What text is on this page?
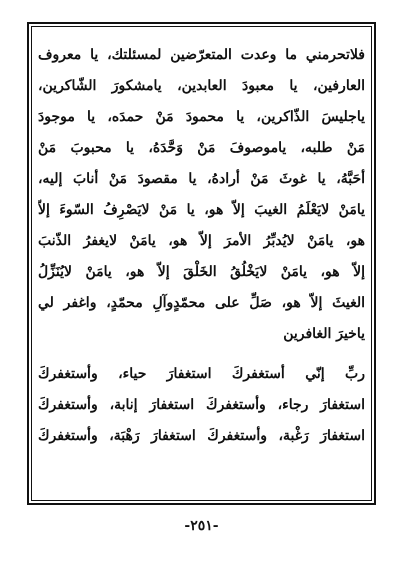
فلاتحرمني ما وعدت المتعرّضين لمسئلتك، يا معروف
العارفين، يا معبودَ العابدين، يامشكورَ الشّاكرين،
ياجليسَ الذّاكرين، يا محمودَ مَنْ حمدَه، يا موجودَ
مَنْ طلبه، ياموصوفَ مَنْ وَحَّدَهُ، يا محبوبَ مَنْ
أحَبَّهُ، يا غوثَ مَنْ أرادهُ، يا مقصودَ مَنْ أنابَ إليه،
يامَنْ لايَعْلَمُ الغيبَ إلاّ هو، يا مَنْ لايَصْرِفُ السّوءَ إلاّ
هو، يامَنْ لايُدبِّرُ الأمرَ إلاّ هو، يامَنْ لايغفرُ الذّنبَ
إلاّ هو، يامَنْ لايَخْلُقُ الخَلْقَ إلاّ هو، يامَنْ لايُنَزِّلُ
الغيثَ إلاّ هو، صَلِّ على محمّدٍوآلِ محمّدٍ، واغفر لي
ياخيرَ الغافرين
ربِّ إنّي أستغفركَ استغفارَ حياء، وأستغفركَ
استغفارَ رجاء، وأستغفركَ استغفارَ إنابة، وأستغفركَ
استغفارَ رَغْبة، وأستغفركَ استغفارَ رَهْبَة، وأستغفركَ
-٢٥١-
